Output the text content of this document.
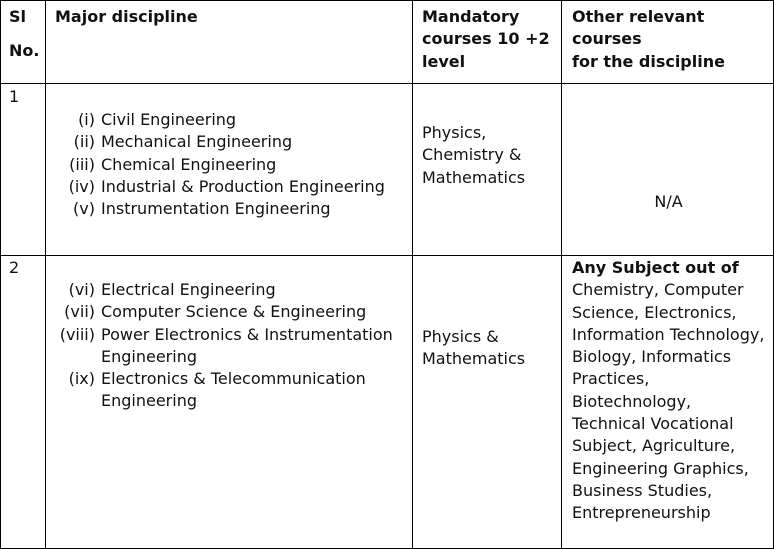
Sl
No.
Major discipline	Mandatory
courses 10 +2
level
Other relevant courses
for the discipline
1
(i) Civil Engineering
(ii) Mechanical Engineering
(iii) Chemical Engineering
(iv) Industrial & Production Engineering
(v) Instrumentation Engineering
Physics,
Chemistry &
Mathematics
N/A
2
(vi) Electrical Engineering
(vii) Computer Science & Engineering
(viii) Power Electronics & Instrumentation Engineering
(ix) Electronics & Telecommunication Engineering
Physics &
Mathematics
Any Subject out of
Chemistry, Computer
Science, Electronics,
Information Technology,
Biology, Informatics
Practices,
Biotechnology,
Technical Vocational
Subject, Agriculture,
Engineering Graphics,
Business Studies,
Entrepreneurship
